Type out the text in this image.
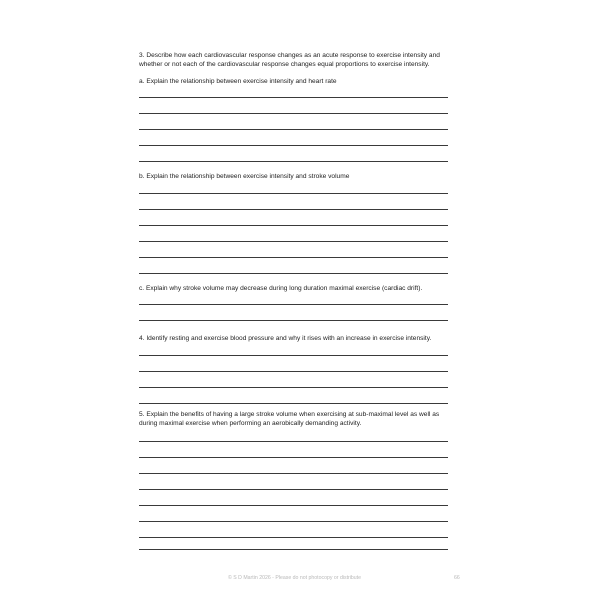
3. Describe how each cardiovascular response changes as an acute response to exercise intensity and whether or not each of the cardiovascular response changes equal proportions to exercise intensity.

a. Explain the relationship between exercise intensity and heart rate

b. Explain the relationship between exercise intensity and stroke volume

c. Explain why stroke volume may decrease during long duration maximal exercise (cardiac drift).

4. Identify resting and exercise blood pressure and why it rises with an increase in exercise intensity.

5. Explain the benefits of having a large stroke volume when exercising at sub-maximal level as well as during maximal exercise when performing an aerobically demanding activity.

© S D Martin 2026 - Please do not photocopy or distribute	66
